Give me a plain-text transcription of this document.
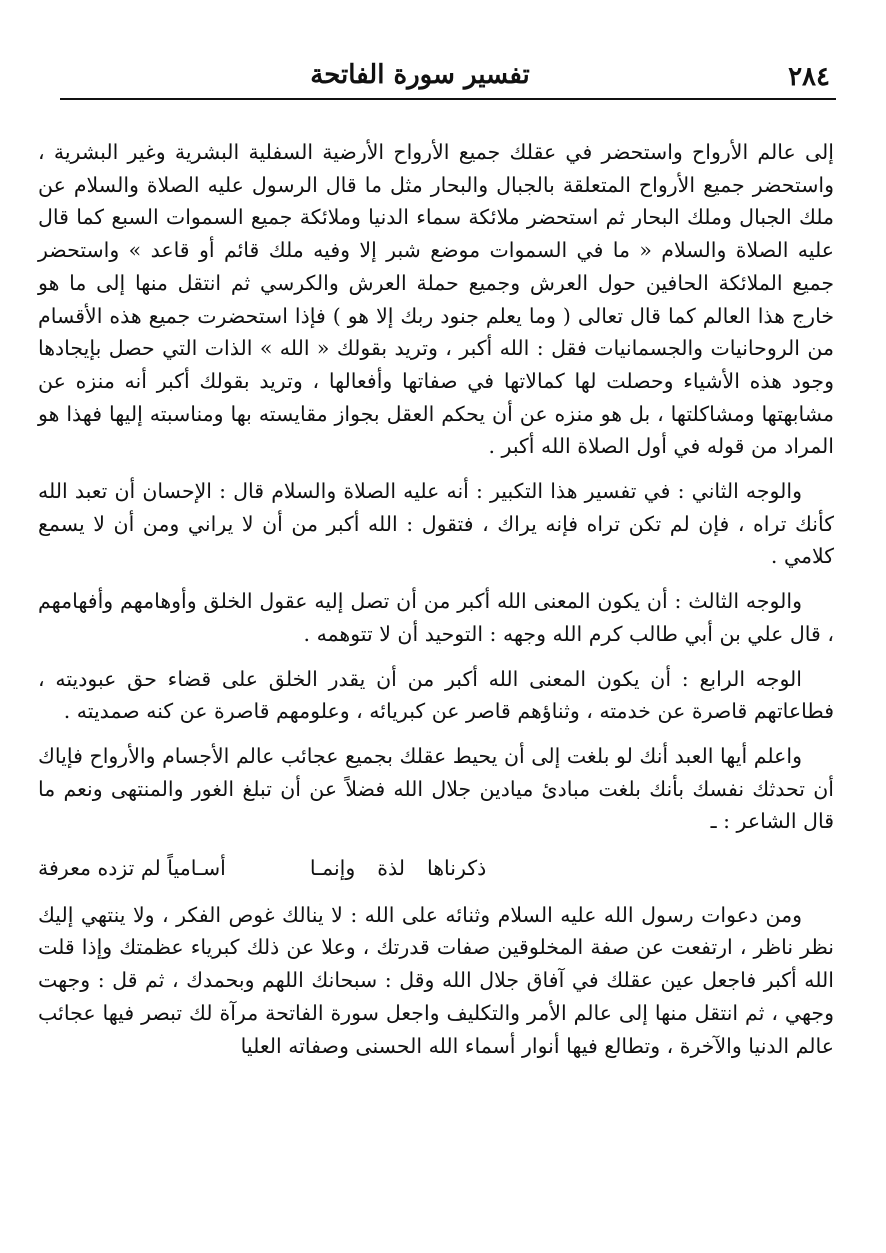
٢٨٤
تفسير سورة الفاتحة

إلى عالم الأرواح واستحضر في عقلك جميع الأرواح الأرضية السفلية البشرية وغير البشرية ، واستحضر جميع الأرواح المتعلقة بالجبال والبحار مثل ما قال الرسول عليه الصلاة والسلام عن ملك الجبال وملك البحار ثم استحضر ملائكة سماء الدنيا وملائكة جميع السموات السبع كما قال عليه الصلاة والسلام « ما في السموات موضع شبر إلا وفيه ملك قائم أو قاعد » واستحضر جميع الملائكة الحافين حول العرش وجميع حملة العرش والكرسي ثم انتقل منها إلى ما هو خارج هذا العالم كما قال تعالى ( وما يعلم جنود ربك إلا هو ) فإذا استحضرت جميع هذه الأقسام من الروحانيات والجسمانيات فقل : الله أكبر ، وتريد بقولك « الله » الذات التي حصل بإيجادها وجود هذه الأشياء وحصلت لها كمالاتها في صفاتها وأفعالها ، وتريد بقولك أكبر أنه منزه عن مشابهتها ومشاكلتها ، بل هو منزه عن أن يحكم العقل بجواز مقايسته بها ومناسبته إليها فهذا هو المراد من قوله في أول الصلاة الله أكبر .

والوجه الثاني : في تفسير هذا التكبير : أنه عليه الصلاة والسلام قال : الإحسان أن تعبد الله كأنك تراه ، فإن لم تكن تراه فإنه يراك ، فتقول : الله أكبر من أن لا يراني ومن أن لا يسمع كلامي .

والوجه الثالث : أن يكون المعنى الله أكبر من أن تصل إليه عقول الخلق وأوهامهم وأفهامهم ، قال علي بن أبي طالب كرم الله وجهه : التوحيد أن لا تتوهمه .

الوجه الرابع : أن يكون المعنى الله أكبر من أن يقدر الخلق على قضاء حق عبوديته ، فطاعاتهم قاصرة عن خدمته ، وثناؤهم قاصر عن كبريائه ، وعلومهم قاصرة عن كنه صمديته .

واعلم أيها العبد أنك لو بلغت إلى أن يحيط عقلك بجميع عجائب عالم الأجسام والأرواح فإياك أن تحدثك نفسك بأنك بلغت مبادئ ميادين جلال الله فضلاً عن أن تبلغ الغور والمنتهى ونعم ما قال الشاعر : ـ

أسـامياً لم تزده معرفة	وإنمـا لذة ذكرناها

ومن دعوات رسول الله عليه السلام وثنائه على الله : لا ينالك غوص الفكر ، ولا ينتهي إليك نظر ناظر ، ارتفعت عن صفة المخلوقين صفات قدرتك ، وعلا عن ذلك كبرياء عظمتك وإذا قلت الله أكبر فاجعل عين عقلك في آفاق جلال الله وقل : سبحانك اللهم وبحمدك ، ثم قل : وجهت وجهي ، ثم انتقل منها إلى عالم الأمر والتكليف واجعل سورة الفاتحة مرآة لك تبصر فيها عجائب عالم الدنيا والآخرة ، وتطالع فيها أنوار أسماء الله الحسنى وصفاته العليا
